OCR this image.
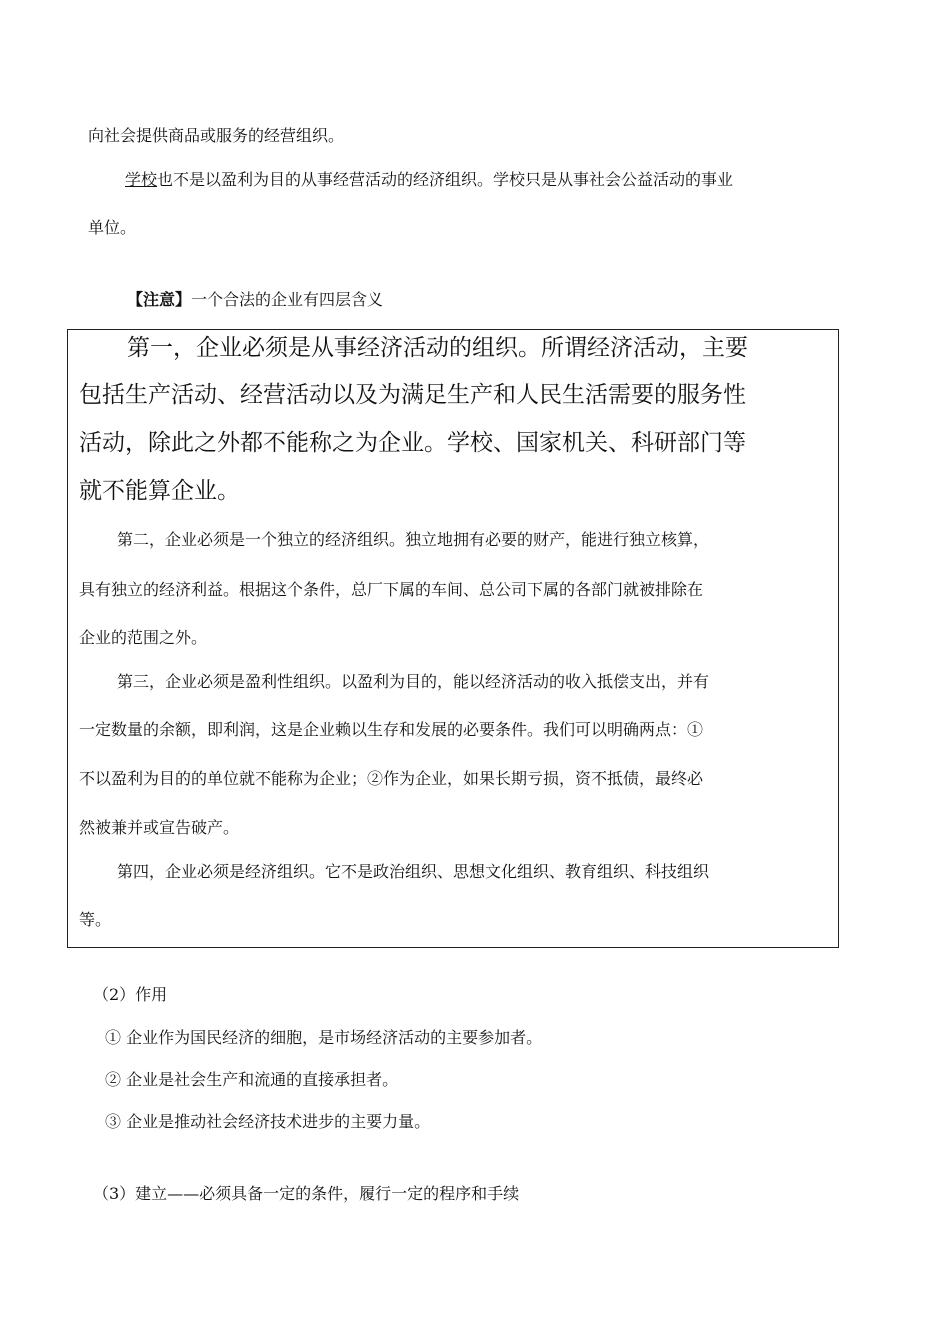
向社会提供商品或服务的经营组织。
学校也不是以盈利为目的从事经营活动的经济组织。学校只是从事社会公益活动的事业
单位。
【注意】一个合法的企业有四层含义
第一，企业必须是从事经济活动的组织。所谓经济活动，主要
包括生产活动、经营活动以及为满足生产和人民生活需要的服务性
活动，除此之外都不能称之为企业。学校、国家机关、科研部门等
就不能算企业。
第二，企业必须是一个独立的经济组织。独立地拥有必要的财产，能进行独立核算，
具有独立的经济利益。根据这个条件，总厂下属的车间、总公司下属的各部门就被排除在
企业的范围之外。
第三，企业必须是盈利性组织。以盈利为目的，能以经济活动的收入抵偿支出，并有
一定数量的余额，即利润，这是企业赖以生存和发展的必要条件。我们可以明确两点：①
不以盈利为目的的单位就不能称为企业；②作为企业，如果长期亏损，资不抵债，最终必
然被兼并或宣告破产。
第四，企业必须是经济组织。它不是政治组织、思想文化组织、教育组织、科技组织
等。
（2）作用
① 企业作为国民经济的细胞，是市场经济活动的主要参加者。
② 企业是社会生产和流通的直接承担者。
③ 企业是推动社会经济技术进步的主要力量。
（3）建立——必须具备一定的条件，履行一定的程序和手续
